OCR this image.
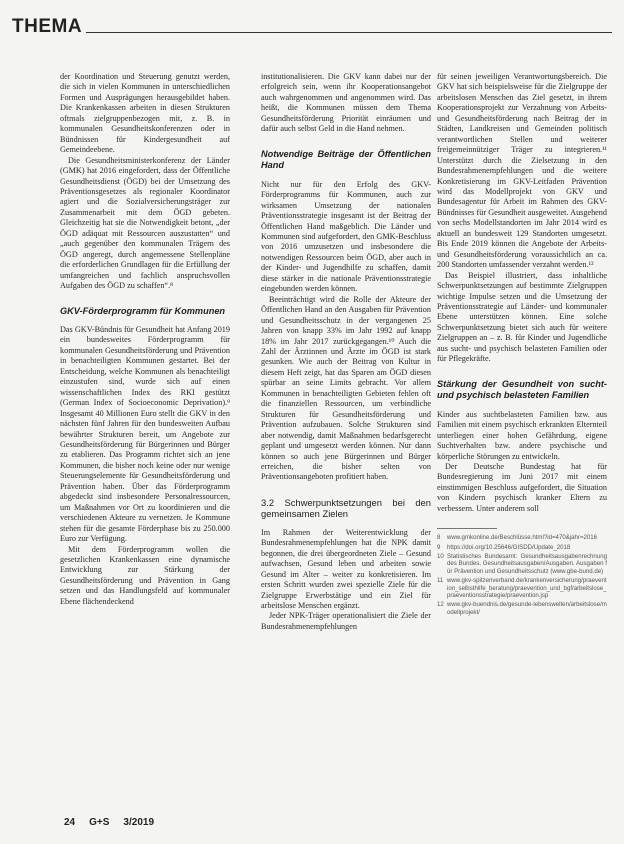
THEMA

der Koordination und Steuerung genutzt werden, die sich in vielen Kommunen in unterschiedlichen Formen und Ausprägungen herausgebildet haben. Die Krankenkassen arbeiten in diesen Strukturen oftmals zielgruppenbezogen mit, z. B. in kommunalen Gesundheitskonferenzen oder in Bündnissen für Kindergesundheit auf Gemeindeebene.

Die Gesundheitsministerkonferenz der Länder (GMK) hat 2016 eingefordert, dass der Öffentliche Gesundheitsdienst (ÖGD) bei der Umsetzung des Präventionsgesetzes als regionaler Koordinator agiert und die Sozialversicherungsträger zur Zusammenarbeit mit dem ÖGD gebeten. Gleichzeitig hat sie die Notwendigkeit betont, „der ÖGD adäquat mit Ressourcen auszustatten“ und „auch gegenüber den kommunalen Trägern des ÖGD angeregt, durch angemessene Stellenpläne die erforderlichen Grundlagen für die Erfüllung der umfangreichen und fachlich anspruchsvollen Aufgaben des ÖGD zu schaffen“.⁸

GKV-Förderprogramm für Kommunen

Das GKV-Bündnis für Gesundheit hat Anfang 2019 ein bundesweites Förderprogramm für kommunalen Gesundheitsförderung und Prävention in benachteiligten Kommunen gestartet. Bei der Entscheidung, welche Kommunen als benachteiligt einzustufen sind, wurde sich auf einen wissenschaftlichen Index des RKI gestützt (German Index of Socioeconomic Deprivation).⁹ Insgesamt 40 Millionen Euro stellt die GKV in den nächsten fünf Jahren für den bundesweiten Aufbau bewährter Strukturen bereit, um Angebote zur Gesundheitsförderung für Bürgerinnen und Bürger zu etablieren. Das Programm richtet sich an jene Kommunen, die bisher noch keine oder nur wenige Steuerungselemente für Gesundheitsförderung und Prävention haben. Über das Förderprogramm abgedeckt sind insbesondere Personalressourcen, um Maßnahmen vor Ort zu koordinieren und die verschiedenen Akteure zu vernetzen. Je Kommune stehen für die gesamte Förderphase bis zu 250.000 Euro zur Verfügung.

Mit dem Förderprogramm wollen die gesetzlichen Krankenkassen eine dynamische Entwicklung zur Stärkung der Gesundheitsförderung und Prävention in Gang setzen und das Handlungsfeld auf kommunaler Ebene flächendeckend

institutionalisieren. Die GKV kann dabei nur der erfolgreich sein, wenn ihr Kooperationsangebot auch wahrgenommen und angenommen wird. Das heißt, die Kommunen müssen dem Thema Gesundheitsförderung Priorität einräumen und dafür auch selbst Geld in die Hand nehmen.

Notwendige Beiträge der Öffentlichen Hand

Nicht nur für den Erfolg des GKV-Förderprogramms für Kommunen, auch zur wirksamen Umsetzung der nationalen Präventionsstrategie insgesamt ist der Beitrag der Öffentlichen Hand maßgeblich. Die Länder und Kommunen sind aufgefordert, den GMK-Beschluss von 2016 umzusetzen und insbesondere die notwendigen Ressourcen beim ÖGD, aber auch in der Kinder- und Jugendhilfe zu schaffen, damit diese stärker in die nationale Präventionsstrategie eingebunden werden können.

Beeinträchtigt wird die Rolle der Akteure der Öffentlichen Hand an den Ausgaben für Prävention und Gesundheitsschutz in der vergangenen 25 Jahren von knapp 33% im Jahr 1992 auf knapp 18% im Jahr 2017 zurückgegangen.¹⁰ Auch die Zahl der Ärztinnen und Ärzte im ÖGD ist stark gesunken. Wie auch der Beitrag von Kultur in diesem Heft zeigt, hat das Sparen am ÖGD diesen spürbar an seine Limits gebracht. Vor allem Kommunen in benachteiligten Gebieten fehlen oft die finanziellen Ressourcen, um verbindliche Strukturen für Gesundheitsförderung und Prävention aufzubauen. Solche Strukturen sind aber notwendig, damit Maßnahmen bedarfsgerecht geplant und umgesetzt werden können. Nur dann können so auch jene Bürgerinnen und Bürger erreichen, die bisher selten von Präventionsangeboten profitiert haben.

3.2 Schwerpunktsetzungen bei den gemeinsamen Zielen

Im Rahmen der Weiterentwicklung der Bundesrahmenempfehlungen hat die NPK damit begonnen, die drei übergeordneten Ziele – Gesund aufwachsen, Gesund leben und arbeiten sowie Gesund im Alter – weiter zu konkretisieren. Im ersten Schritt wurden zwei spezielle Ziele für die Zielgruppe Erwerbstätige und ein Ziel für arbeitslose Menschen ergänzt.

Jeder NPK-Träger operationalisiert die Ziele der Bundesrahmenempfehlungen

für seinen jeweiligen Verantwortungsbereich. Die GKV hat sich beispielsweise für die Zielgruppe der arbeitslosen Menschen das Ziel gesetzt, in ihrem Kooperationsprojekt zur Verzahnung von Arbeits- und Gesundheitsförderung nach Beitrag der in Städten, Landkreisen und Gemeinden politisch verantwortlichen Stellen und weiterer freigemeinnütziger Träger zu integrieren.¹¹ Unterstützt durch die Zielsetzung in den Bundesrahmenempfehlungen und die weitere Konkretisierung im GKV-Leitfaden Prävention wird das Modellprojekt von GKV und Bundesagentur für Arbeit im Rahmen des GKV-Bündnisses für Gesundheit ausgeweitet. Ausgehend von sechs Modellstandorten im Jahr 2014 wird es aktuell an bundesweit 129 Standorten umgesetzt. Bis Ende 2019 können die Angebote der Arbeits- und Gesundheitsförderung voraussichtlich an ca. 200 Standorten umfassender verzahnt werden.¹²

Das Beispiel illustriert, dass inhaltliche Schwerpunktsetzungen auf bestimmte Zielgruppen wichtige Impulse setzen und die Umsetzung der Präventionsstrategie auf Länder- und kommunaler Ebene unterstützen können. Eine solche Schwerpunktsetzung bietet sich auch für weitere Zielgruppen an – z. B. für Kinder und Jugendliche aus sucht- und psychisch belasteten Familien oder für Pflegekräfte.

Stärkung der Gesundheit von sucht- und psychisch belasteten Familien

Kinder aus suchtbelasteten Familien bzw. aus Familien mit einem psychisch erkrankten Elternteil unterliegen einer hohen Gefährdung, eigene Suchtverhalten bzw. andere psychische und körperliche Störungen zu entwickeln.

Der Deutsche Bundestag hat für Bundesregierung im Juni 2017 mit einem einstimmigen Beschluss aufgefordert, die Situation von Kindern psychisch kranker Eltern zu verbessern. Unter anderem soll

8	www.gmkonline.de/Beschlüsse.html?id=470&jahr=2016
9	https://doi.org/10.25646/GISDD/Update_2018
10 Statistisches Bundesamt: Gesundheitsausgabenrechnung des Bundes, Gesundheitsausgaben/Ausgaben. Ausgaben für Prävention und Gesundheitsschutz (www.gbe-bund.de)
11 www.gkv-spitzenverband.de/krankenversicherung/praevention_selbsthilfe_beratung/praevention_und_bgf/arbeitslose_praeventionsstrategie/praevention.jsp
12 www.gkv-buendnis.de/gesunde-lebenswelten/arbeitslose/modellprojekt/
24 G+S 3/2019
